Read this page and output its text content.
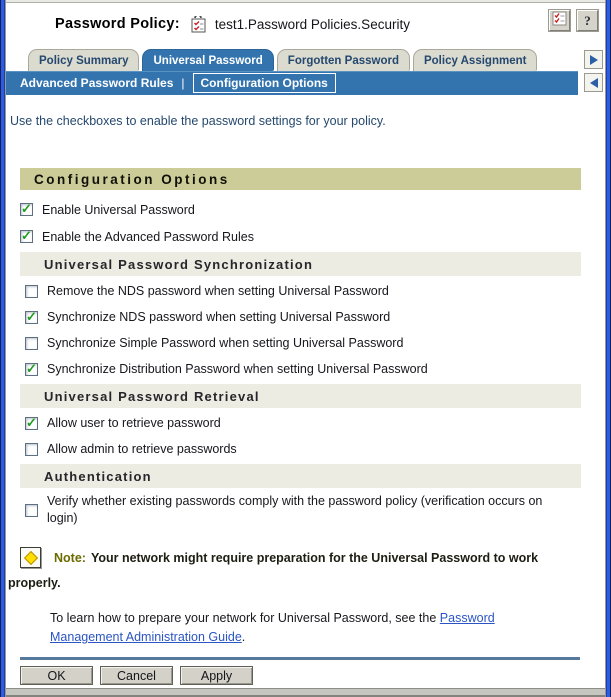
Password Policy:	test1.Password Policies.Security	?
Policy Summary Universal Password Forgotten Password Policy Assignment
Advanced Password Rules |	Configuration Options
Use the checkboxes to enable the password settings for your policy.
Configuration Options
✓
Enable Universal Password
✓
Enable the Advanced Password Rules
Universal Password Synchronization
Remove the NDS password when setting Universal Password
✓
Synchronize NDS password when setting Universal Password
Synchronize Simple Password when setting Universal Password
✓
Synchronize Distribution Password when setting Universal Password
Universal Password Retrieval
✓
Allow user to retrieve password
Allow admin to retrieve passwords
Authentication
Verify whether existing passwords comply with the password policy (verification occurs on login)
Note: Your network might require preparation for the Universal Password to work properly.
To learn how to prepare your network for Universal Password, see the Password Management Administration Guide.
OK	Cancel	Apply
